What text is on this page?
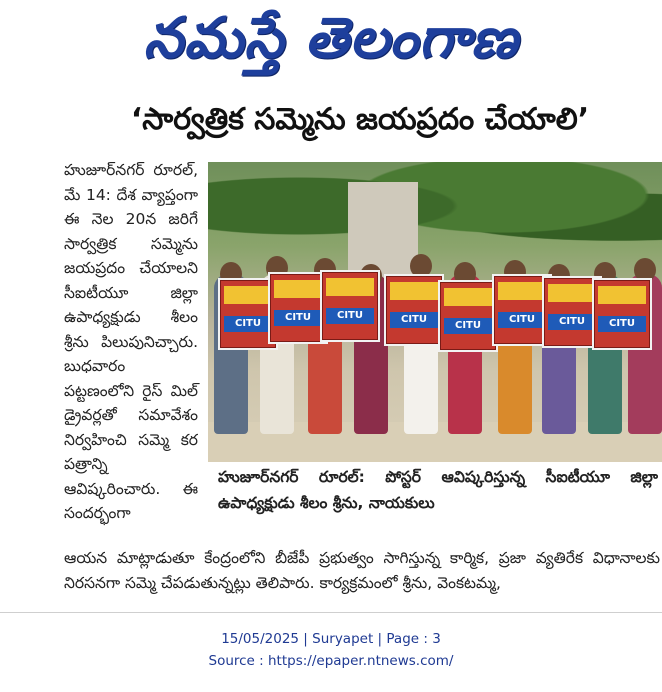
నమస్తే తెలంగాణ
‘సార్వత్రిక సమ్మెను జయప్రదం చేయాలి’

హుజూర్‌నగర్ రూరల్, మే 14: దేశ వ్యాప్తంగా ఈ నెల 20న జరిగే సార్వత్రిక సమ్మెను జయప్రదం చేయాలని సీఐటీయూ జిల్లా ఉపాధ్యక్షుడు శీలం శ్రీను పిలుపునిచ్చారు. బుధవారం పట్టణంలోని రైస్ మిల్ డ్రైవర్లతో సమావేశం నిర్వహించి సమ్మె కర పత్రాన్ని ఆవిష్కరించారు. ఈ సందర్భంగా

CITU
CITU	CITU	CITU
CITU
CITU	CITU	CITU
హుజూర్‌నగర్ రూరల్: పోస్టర్ ఆవిష్కరిస్తున్న సీఐటీయూ జిల్లా ఉపాధ్యక్షుడు శీలం శ్రీను, నాయకులు

ఆయన మాట్లాడుతూ కేంద్రంలోని బీజేపీ ప్రభుత్వం సాగిస్తున్న కార్మిక, ప్రజా వ్యతిరేక విధానాలకు నిరసనగా సమ్మె చేపడుతున్నట్లు తెలిపారు. కార్యక్రమంలో శ్రీను, వెంకటమ్మ,

15/05/2025 | Suryapet | Page : 3
Source : https://epaper.ntnews.com/
